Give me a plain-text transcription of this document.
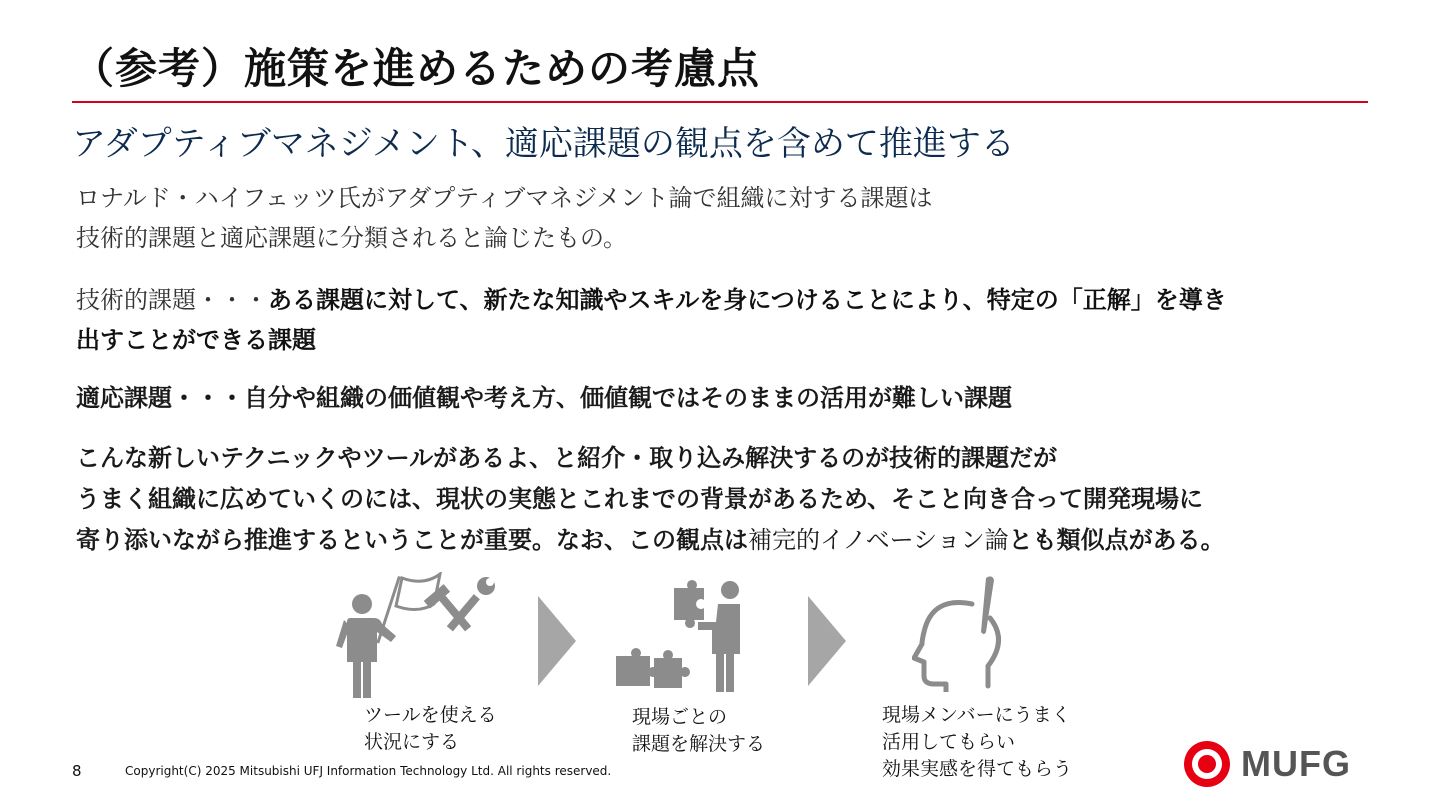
（参考）施策を進めるための考慮点
アダプティブマネジメント、適応課題の観点を含めて推進する
ロナルド・ハイフェッツ氏がアダプティブマネジメント論で組織に対する課題は
技術的課題と適応課題に分類されると論じたもの。
技術的課題・・・ある課題に対して、新たな知識やスキルを身につけることにより、特定の「正解」を導き
出すことができる課題
適応課題・・・自分や組織の価値観や考え方、価値観ではそのままの活用が難しい課題
こんな新しいテクニックやツールがあるよ、と紹介・取り込み解決するのが技術的課題だが
うまく組織に広めていくのには、現状の実態とこれまでの背景があるため、そこと向き合って開発現場に
寄り添いながら推進するということが重要。なお、この観点は補完的イノベーション論とも類似点がある。
ツールを使える
状況にする
現場ごとの
課題を解決する
現場メンバーにうまく
活用してもらい
効果実感を得てもらう
8	Copyright(C) 2025 Mitsubishi UFJ Information Technology Ltd. All rights reserved.	MUFG
